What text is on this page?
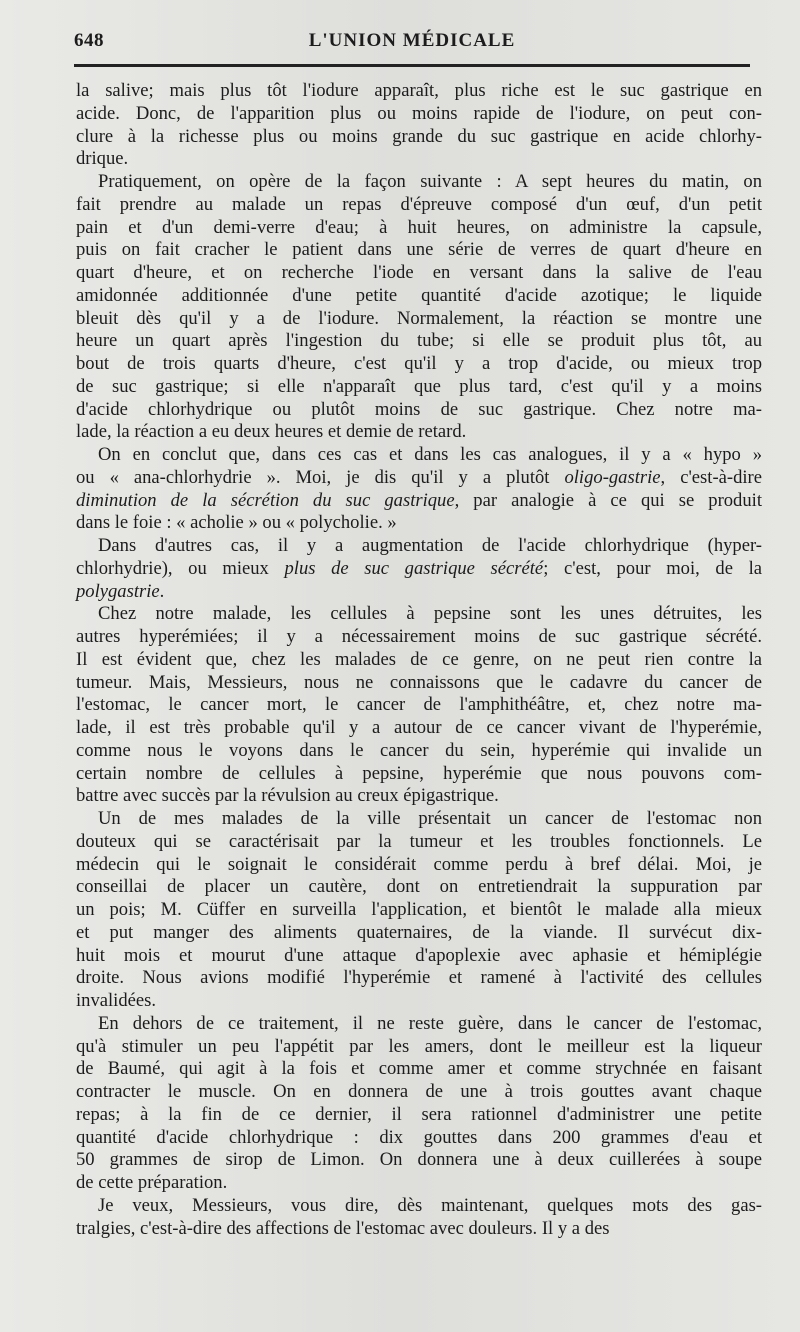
648	L'UNION MÉDICALE
la salive; mais plus tôt l'iodure apparaît, plus riche est le suc gastrique en
acide. Donc, de l'apparition plus ou moins rapide de l'iodure, on peut con-
clure à la richesse plus ou moins grande du suc gastrique en acide chlorhy-
drique.
Pratiquement, on opère de la façon suivante : A sept heures du matin, on
fait prendre au malade un repas d'épreuve composé d'un œuf, d'un petit
pain et d'un demi-verre d'eau; à huit heures, on administre la capsule,
puis on fait cracher le patient dans une série de verres de quart d'heure en
quart d'heure, et on recherche l'iode en versant dans la salive de l'eau
amidonnée additionnée d'une petite quantité d'acide azotique; le liquide
bleuit dès qu'il y a de l'iodure. Normalement, la réaction se montre une
heure un quart après l'ingestion du tube; si elle se produit plus tôt, au
bout de trois quarts d'heure, c'est qu'il y a trop d'acide, ou mieux trop
de suc gastrique; si elle n'apparaît que plus tard, c'est qu'il y a moins
d'acide chlorhydrique ou plutôt moins de suc gastrique. Chez notre ma-
lade, la réaction a eu deux heures et demie de retard.
On en conclut que, dans ces cas et dans les cas analogues, il y a « hypo »
ou « ana-chlorhydrie ». Moi, je dis qu'il y a plutôt oligo-gastrie, c'est-à-dire
diminution de la sécrétion du suc gastrique, par analogie à ce qui se produit
dans le foie : « acholie » ou « polycholie. »
Dans d'autres cas, il y a augmentation de l'acide chlorhydrique (hyper-
chlorhydrie), ou mieux plus de suc gastrique sécrété; c'est, pour moi, de la
polygastrie.
Chez notre malade, les cellules à pepsine sont les unes détruites, les
autres hyperémiées; il y a nécessairement moins de suc gastrique sécrété.
Il est évident que, chez les malades de ce genre, on ne peut rien contre la
tumeur. Mais, Messieurs, nous ne connaissons que le cadavre du cancer de
l'estomac, le cancer mort, le cancer de l'amphithéâtre, et, chez notre ma-
lade, il est très probable qu'il y a autour de ce cancer vivant de l'hyperémie,
comme nous le voyons dans le cancer du sein, hyperémie qui invalide un
certain nombre de cellules à pepsine, hyperémie que nous pouvons com-
battre avec succès par la révulsion au creux épigastrique.
Un de mes malades de la ville présentait un cancer de l'estomac non
douteux qui se caractérisait par la tumeur et les troubles fonctionnels. Le
médecin qui le soignait le considérait comme perdu à bref délai. Moi, je
conseillai de placer un cautère, dont on entretiendrait la suppuration par
un pois; M. Cüffer en surveilla l'application, et bientôt le malade alla mieux
et put manger des aliments quaternaires, de la viande. Il survécut dix-
huit mois et mourut d'une attaque d'apoplexie avec aphasie et hémiplégie
droite. Nous avions modifié l'hyperémie et ramené à l'activité des cellules
invalidées.
En dehors de ce traitement, il ne reste guère, dans le cancer de l'estomac,
qu'à stimuler un peu l'appétit par les amers, dont le meilleur est la liqueur
de Baumé, qui agit à la fois et comme amer et comme strychnée en faisant
contracter le muscle. On en donnera de une à trois gouttes avant chaque
repas; à la fin de ce dernier, il sera rationnel d'administrer une petite
quantité d'acide chlorhydrique : dix gouttes dans 200 grammes d'eau et
50 grammes de sirop de Limon. On donnera une à deux cuillerées à soupe
de cette préparation.
Je veux, Messieurs, vous dire, dès maintenant, quelques mots des gas-
tralgies, c'est-à-dire des affections de l'estomac avec douleurs. Il y a des
